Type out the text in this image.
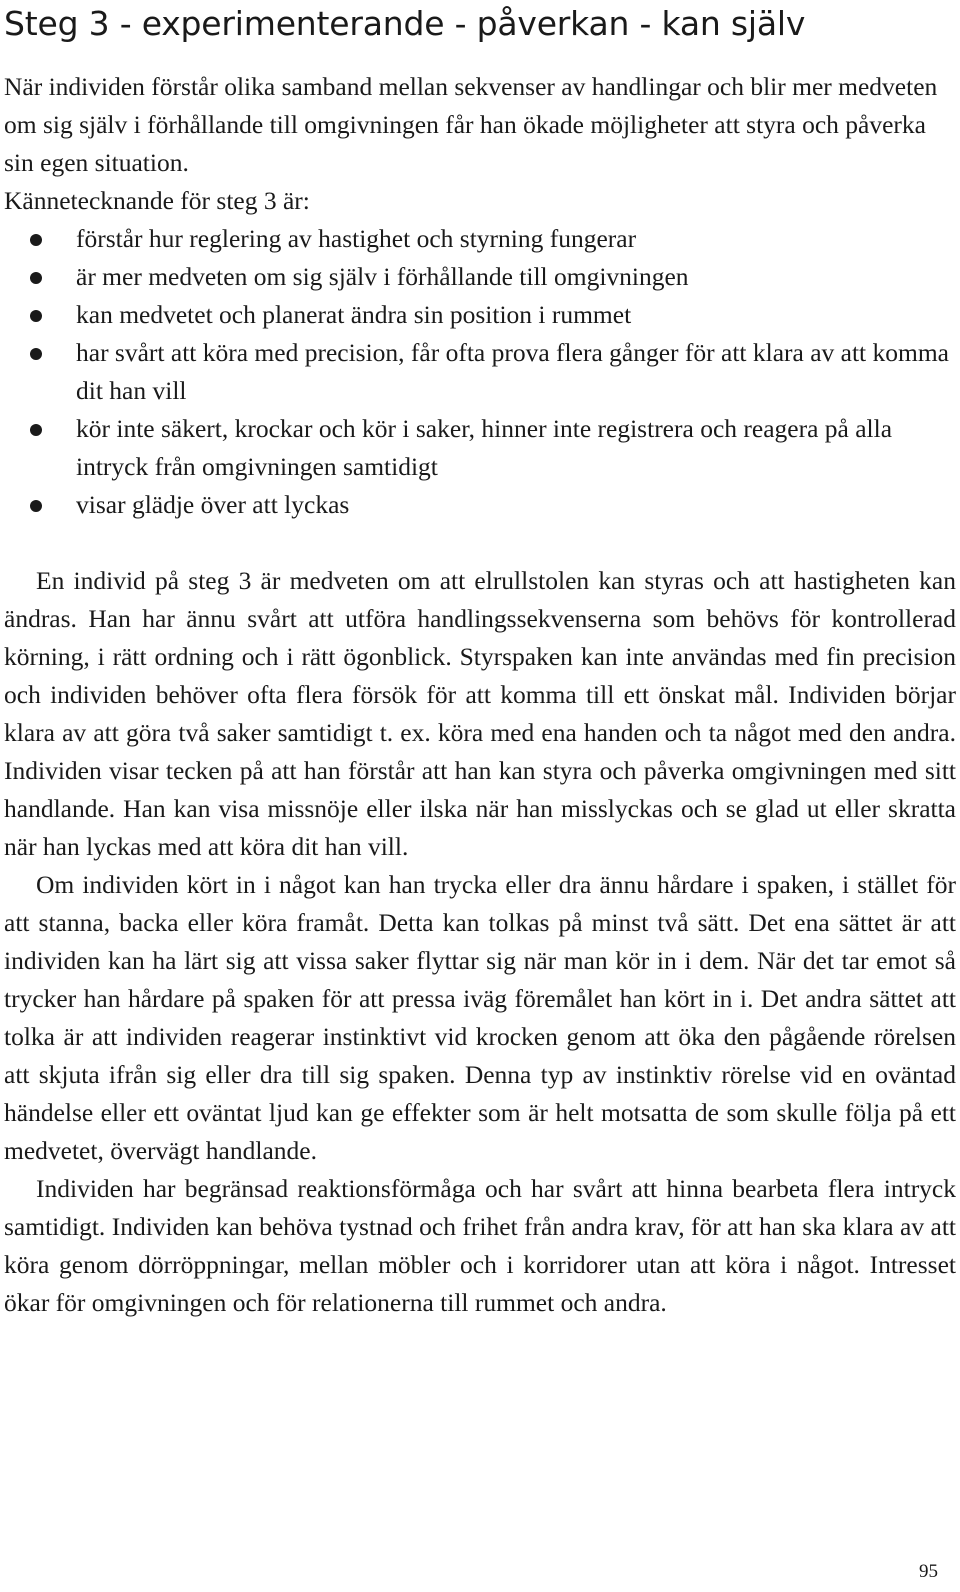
Steg 3 - experimenterande - påverkan - kan själv

När individen förstår olika samband mellan sekvenser av handlingar och blir mer medveten om sig själv i förhållande till omgivningen får han ökade möjligheter att styra och påverka sin egen situation.

Kännetecknande för steg 3 är:

förstår hur reglering av hastighet och styrning fungerar
är mer medveten om sig själv i förhållande till omgivningen
kan medvetet och planerat ändra sin position i rummet
har svårt att köra med precision, får ofta prova flera gånger för att klara av att komma dit han vill
kör inte säkert, krockar och kör i saker, hinner inte registrera och reagera på alla intryck från omgivningen samtidigt
visar glädje över att lyckas

En individ på steg 3 är medveten om att elrullstolen kan styras och att hastigheten kan ändras. Han har ännu svårt att utföra handlingssekvenserna som behövs för kontrollerad körning, i rätt ordning och i rätt ögonblick. Styrspaken kan inte användas med fin precision och individen behöver ofta flera försök för att komma till ett önskat mål. Individen börjar klara av att göra två saker samtidigt t. ex. köra med ena handen och ta något med den andra. Individen visar tecken på att han förstår att han kan styra och påverka omgivningen med sitt handlande. Han kan visa missnöje eller ilska när han misslyckas och se glad ut eller skratta när han lyckas med att köra dit han vill.

Om individen kört in i något kan han trycka eller dra ännu hårdare i spaken, i stället för att stanna, backa eller köra framåt. Detta kan tolkas på minst två sätt. Det ena sättet är att individen kan ha lärt sig att vissa saker flyttar sig när man kör in i dem. När det tar emot så trycker han hårdare på spaken för att pressa iväg föremålet han kört in i. Det andra sättet att tolka är att individen reagerar instinktivt vid krocken genom att öka den pågående rörelsen att skjuta ifrån sig eller dra till sig spaken. Denna typ av instinktiv rörelse vid en oväntad händelse eller ett oväntat ljud kan ge effekter som är helt motsatta de som skulle följa på ett medvetet, övervägt handlande.

Individen har begränsad reaktionsförmåga och har svårt att hinna bearbeta flera intryck samtidigt. Individen kan behöva tystnad och frihet från andra krav, för att han ska klara av att köra genom dörröppningar, mellan möbler och i korridorer utan att köra i något. Intresset ökar för omgivningen och för relationerna till rummet och andra.

95
